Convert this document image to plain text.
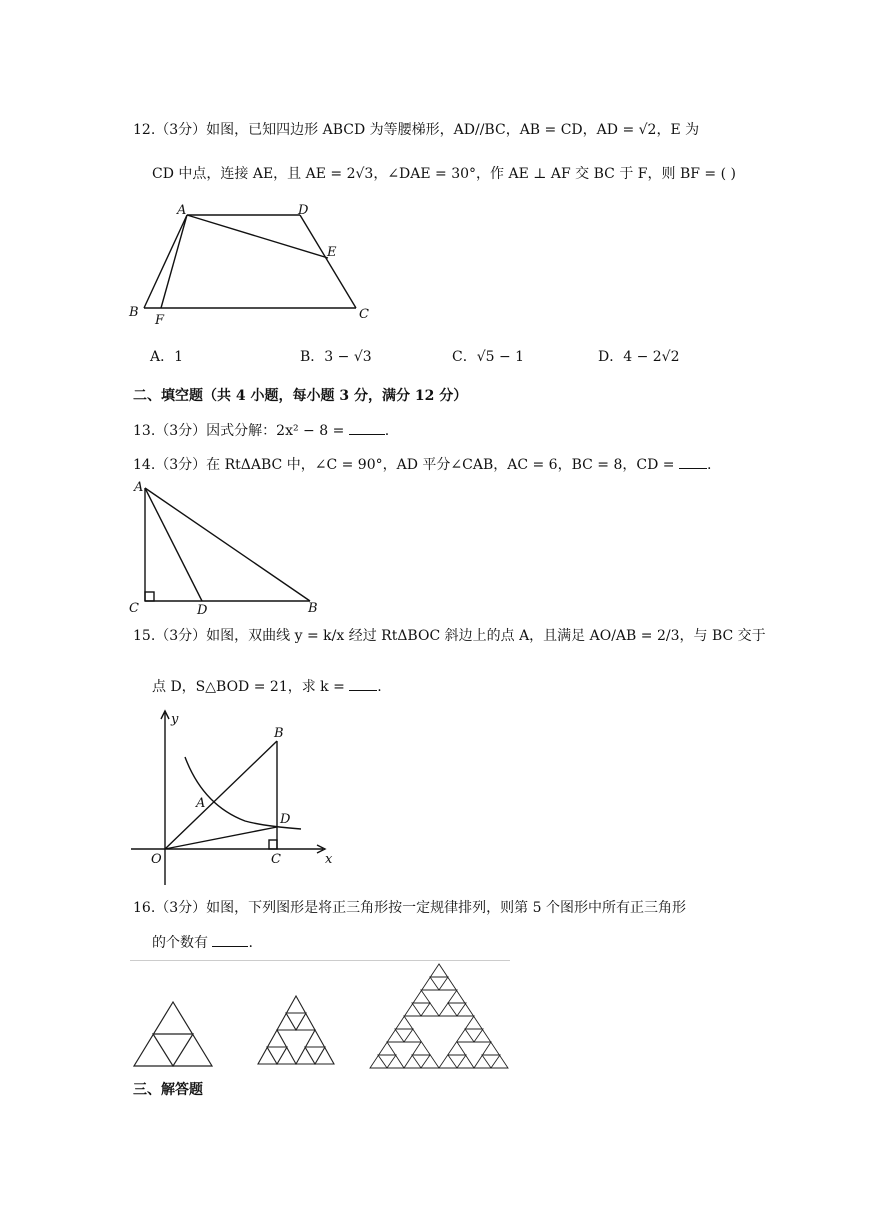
12.（3分）如图，已知四边形 ABCD 为等腰梯形，AD//BC，AB = CD，AD = √2，E 为
CD 中点，连接 AE，且 AE = 2√3，∠DAE = 30°，作 AE ⊥ AF 交 BC 于 F，则 BF = ( )
A	D
E
B
F	C
A．1	B．3 − √3	C．√5 − 1	D．4 − 2√2
二、填空题（共 4 小题，每小题 3 分，满分 12 分）
13.（3分）因式分解：2x² − 8 =	.
14.（3分）在 RtΔABC 中，∠C = 90°，AD 平分∠CAB，AC = 6，BC = 8，CD = .
A
C	D	B
15.（3分）如图，双曲线 y = k/x 经过 RtΔBOC 斜边上的点 A，且满足 AO/AB = 2/3，与 BC 交于
点 D，S△BOD = 21，求 k = .
y
x
O
A
B
D
C
16.（3分）如图，下列图形是将正三角形按一定规律排列，则第 5 个图形中所有正三角形
的个数有	.
三、解答题
